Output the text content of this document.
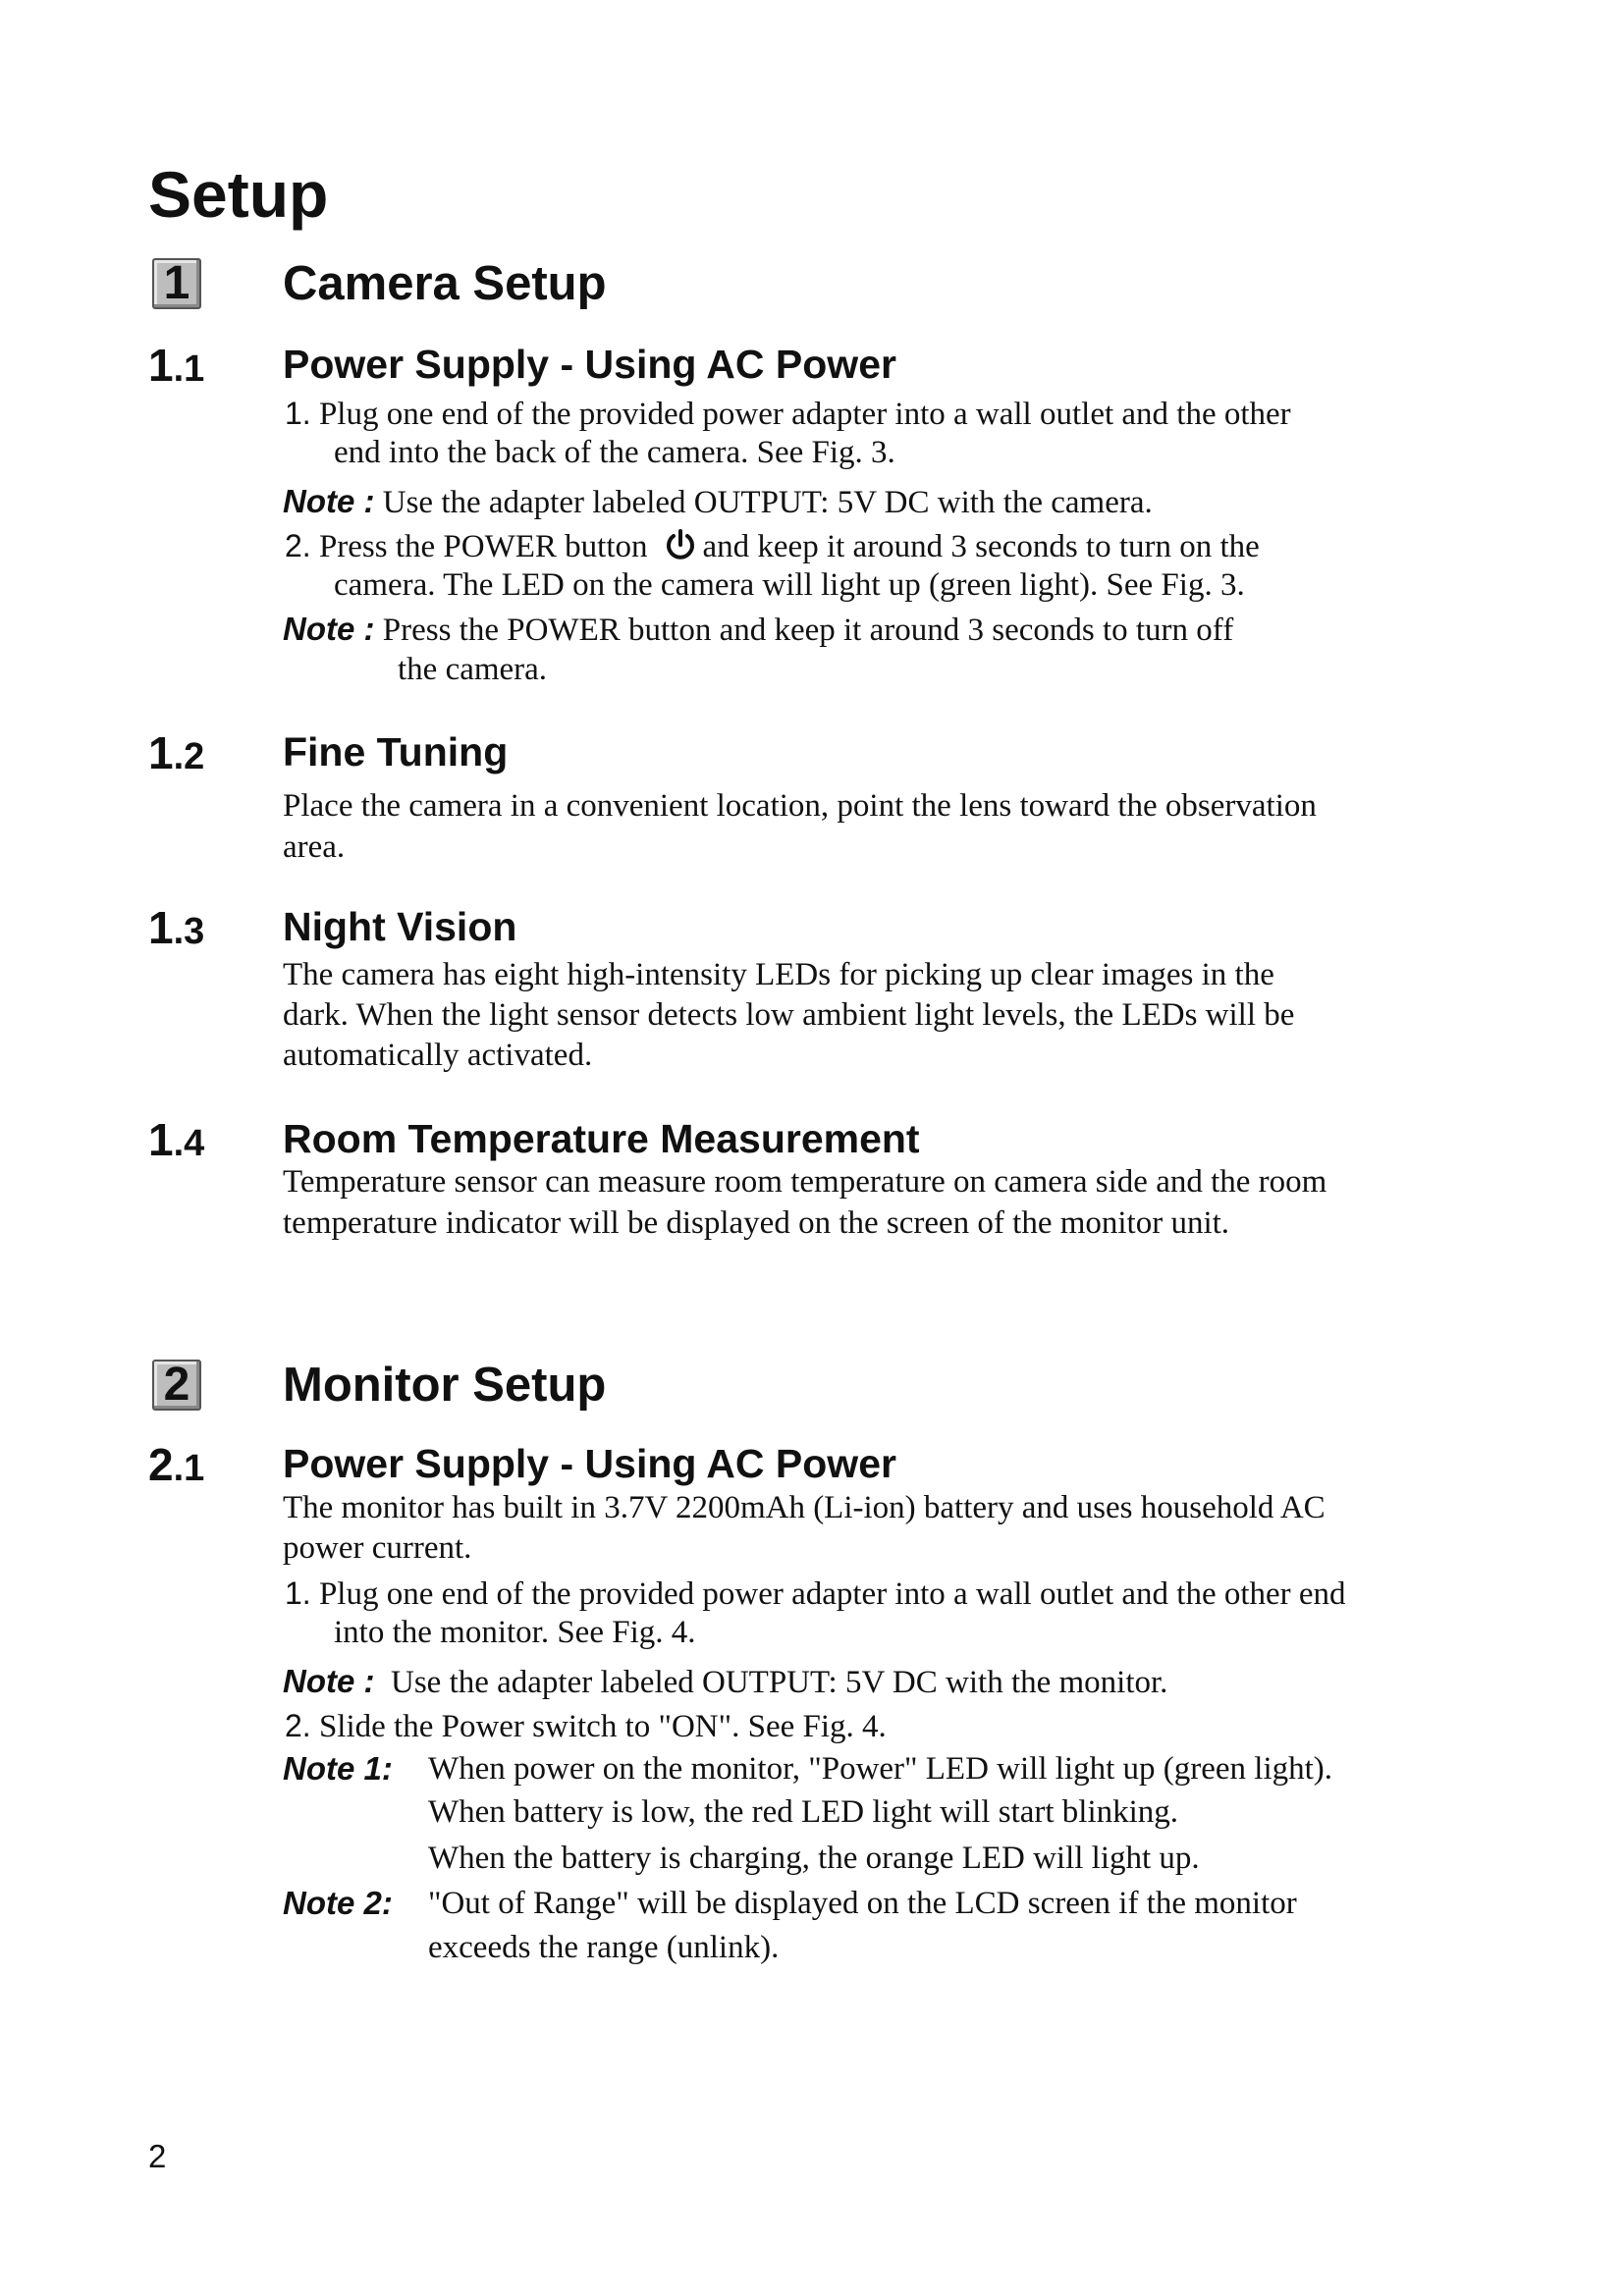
Setup
1 Camera Setup
1.1 Power Supply - Using AC Power
1. Plug one end of the provided power adapter into a wall outlet and the other
end into the back of the camera. See Fig. 3.
Note : Use the adapter labeled OUTPUT: 5V DC with the camera.
2. Press the POWER button and keep it around 3 seconds to turn on the
camera. The LED on the camera will light up (green light). See Fig. 3.
Note : Press the POWER button and keep it around 3 seconds to turn off
the camera.
1.2 Fine Tuning
Place the camera in a convenient location, point the lens toward the observation
area.
1.3 Night Vision
The camera has eight high-intensity LEDs for picking up clear images in the
dark. When the light sensor detects low ambient light levels, the LEDs will be
automatically activated.
1.4 Room Temperature Measurement
Temperature sensor can measure room temperature on camera side and the room
temperature indicator will be displayed on the screen of the monitor unit.
2 Monitor Setup
2.1 Power Supply - Using AC Power
The monitor has built in 3.7V 2200mAh (Li-ion) battery and uses household AC
power current.
1. Plug one end of the provided power adapter into a wall outlet and the other end
into the monitor. See Fig. 4.
Note : Use the adapter labeled OUTPUT: 5V DC with the monitor.
2. Slide the Power switch to "ON". See Fig. 4.
Note 1: When power on the monitor, "Power" LED will light up (green light).
When battery is low, the red LED light will start blinking.
When the battery is charging, the orange LED will light up.
Note 2: "Out of Range" will be displayed on the LCD screen if the monitor
exceeds the range (unlink).
2
